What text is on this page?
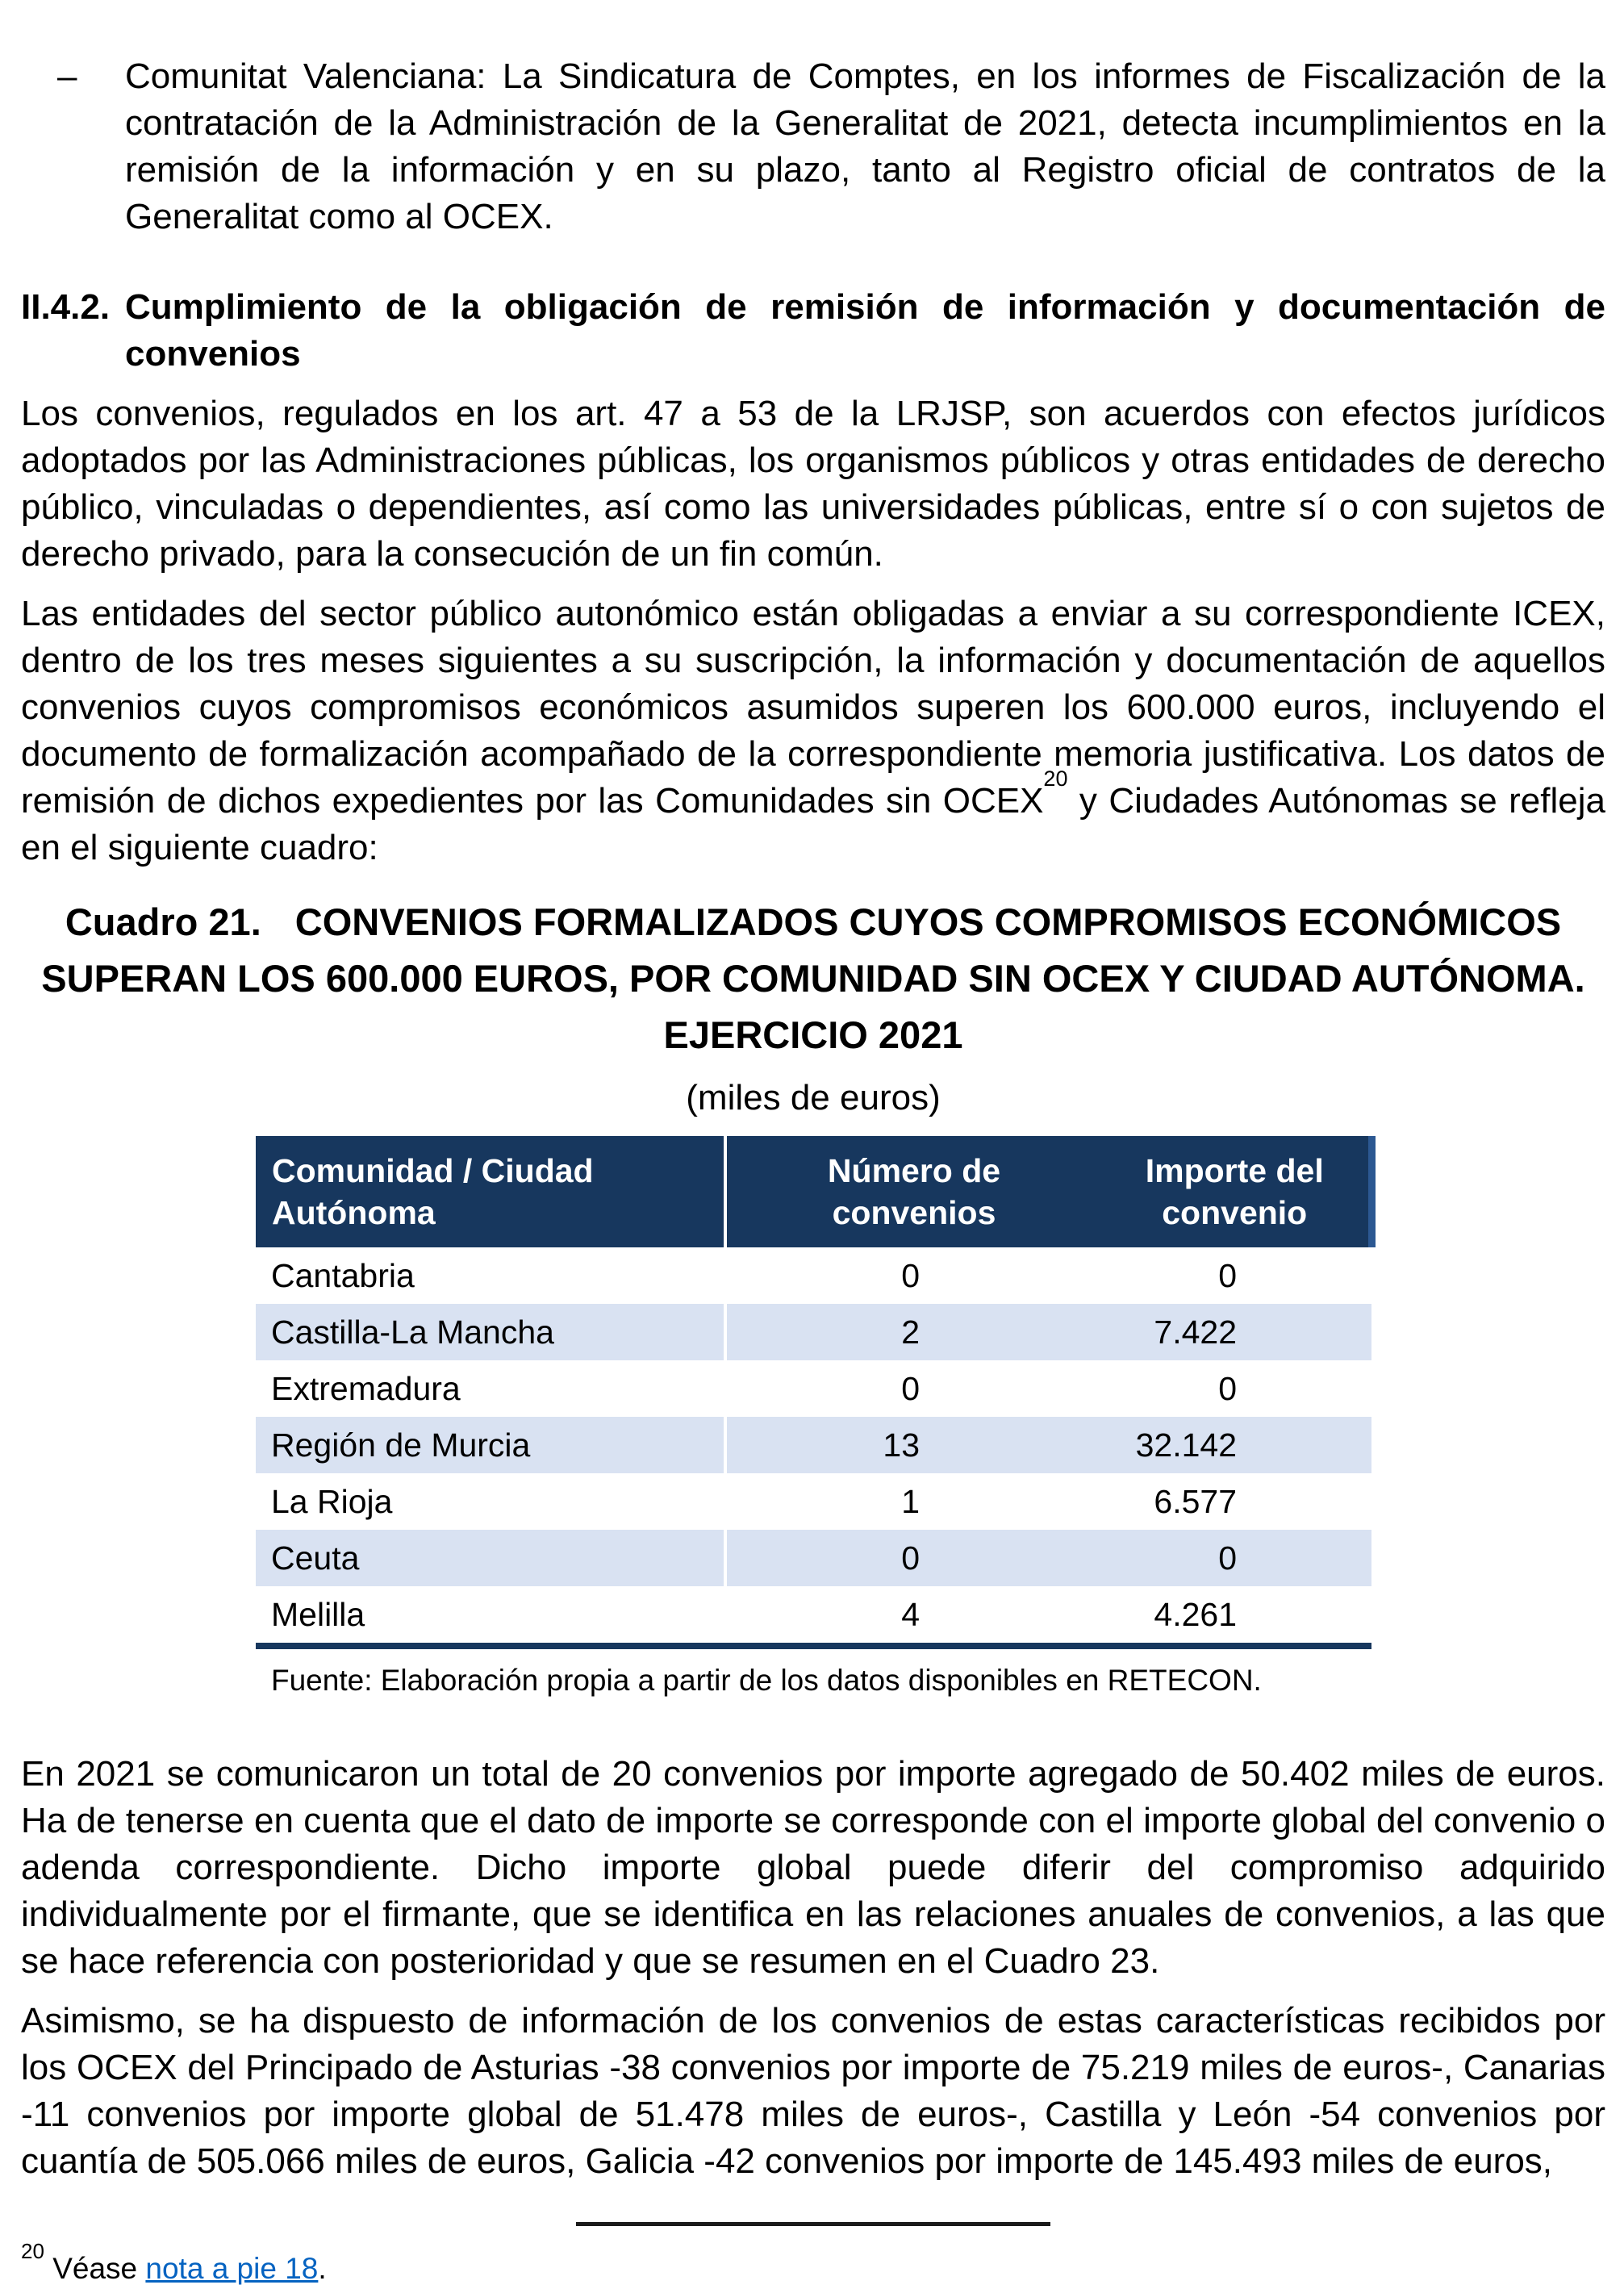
–	Comunitat Valenciana: La Sindicatura de Comptes, en los informes de Fiscalización de la contratación de la Administración de la Generalitat de 2021, detecta incumplimientos en la remisión de la información y en su plazo, tanto al Registro oficial de contratos de la Generalitat como al OCEX.

II.4.2. Cumplimiento de la obligación de remisión de información y documentación de convenios

Los convenios, regulados en los art. 47 a 53 de la LRJSP, son acuerdos con efectos jurídicos adoptados por las Administraciones públicas, los organismos públicos y otras entidades de derecho público, vinculadas o dependientes, así como las universidades públicas, entre sí o con sujetos de derecho privado, para la consecución de un fin común.

Las entidades del sector público autonómico están obligadas a enviar a su correspondiente ICEX, dentro de los tres meses siguientes a su suscripción, la información y documentación de aquellos convenios cuyos compromisos económicos asumidos superen los 600.000 euros, incluyendo el documento de formalización acompañado de la correspondiente memoria justificativa. Los datos de remisión de dichos expedientes por las Comunidades sin OCEX$^{20}$ y Ciudades Autónomas se refleja en el siguiente cuadro:

Cuadro 21. CONVENIOS FORMALIZADOS CUYOS COMPROMISOS ECONÓMICOS
SUPERAN LOS 600.000 EUROS, POR COMUNIDAD SIN OCEX Y CIUDAD AUTÓNOMA.
EJERCICIO 2021
(miles de euros)
Comunidad / Ciudad Autónoma	Número de convenios	Importe del convenio
Cantabria	0	0
Castilla-La Mancha	2	7.422
Extremadura	0	0
Región de Murcia	13	32.142
La Rioja	1	6.577
Ceuta	0	0
Melilla	4	4.261

Fuente: Elaboración propia a partir de los datos disponibles en RETECON.

En 2021 se comunicaron un total de 20 convenios por importe agregado de 50.402 miles de euros. Ha de tenerse en cuenta que el dato de importe se corresponde con el importe global del convenio o adenda correspondiente. Dicho importe global puede diferir del compromiso adquirido individualmente por el firmante, que se identifica en las relaciones anuales de convenios, a las que se hace referencia con posterioridad y que se resumen en el Cuadro 23.

Asimismo, se ha dispuesto de información de los convenios de estas características recibidos por los OCEX del Principado de Asturias -38 convenios por importe de 75.219 miles de euros-, Canarias -11 convenios por importe global de 51.478 miles de euros-, Castilla y León -54 convenios por cuantía de 505.066 miles de euros, Galicia -42 convenios por importe de 145.493 miles de euros,

$^{20}$ Véase nota a pie 18.
